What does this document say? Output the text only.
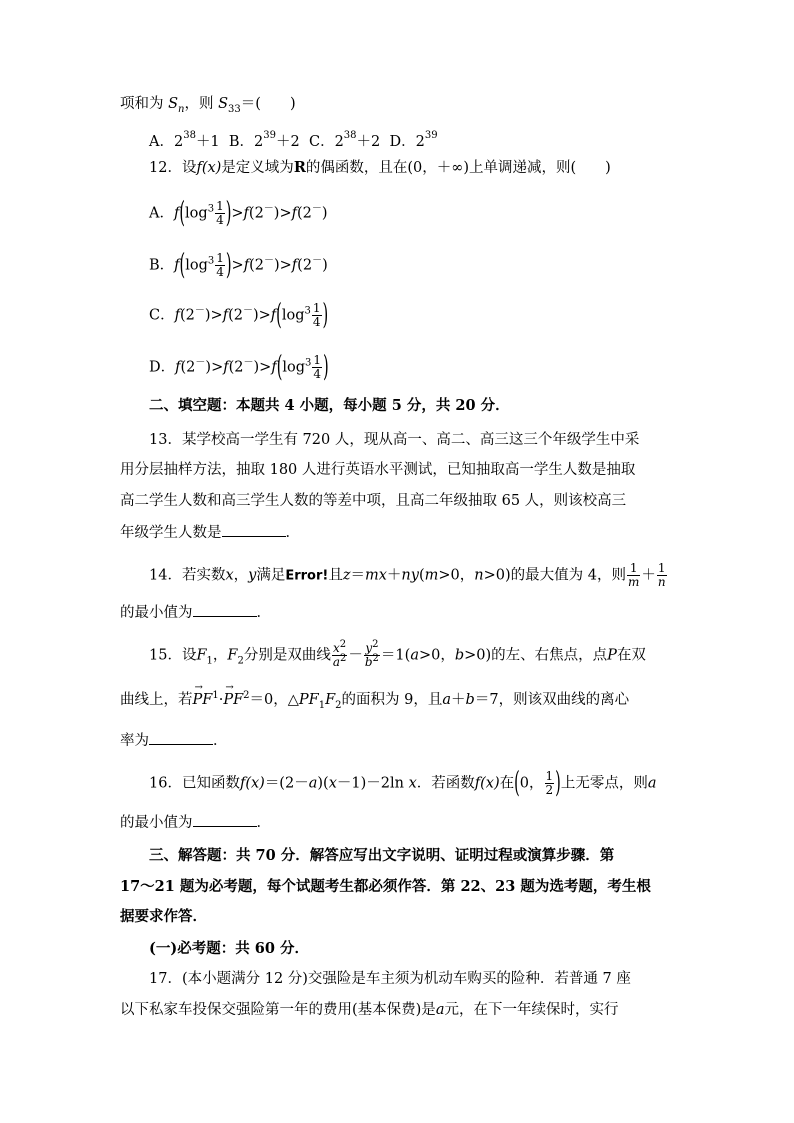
项和为 $S_n$，则 $S_{33}=$(　　)
A．$2^{38}+1$ B．$2^{39}+2$ C．$2^{38}+2$ D．$2^{39}$
12．设f(x)是定义域为R的偶函数，且在(0，＋∞)上单调递减，则(　　)
A．$f(\log^3 \frac{1}{4} )>f(2^-)>f(2^-)$
B．$f(\log^3 \frac{1}{4} )>f(2^-)>f(2^-)$
C．$f(2^-)>f(2^-)>f(\log^3 \frac{1}{4}$ )
D．$f(2^-)>f(2^-)>f(\log^3 \frac{1}{4}$ )
二、填空题：本题共 4 小题，每小题 5 分，共 20 分．
13．某学校高一学生有 720 人，现从高一、高二、高三这三个年级学生中采
用分层抽样方法，抽取 180 人进行英语水平测试，已知抽取高一学生人数是抽取
高二学生人数和高三学生人数的等差中项，且高二年级抽取 65 人，则该校高三
年级学生人数是	．
14．若实数x，y满足Error!且z＝mx＋ny(m>0，n>0)的最大值为 4，则 $\frac{1}{m} + \frac{1}{n}$
的最小值为	．
15．设$F_1$，$F_2$分别是双曲线 $\frac{x^2}{a^2} - \frac{y^2}{b^2} =1(a>0$，b>0)的左、右焦点，点P在双
曲线上，若→ $PF^1\cdot\to PF^2=0$，$\triangle PF_1F_2$的面积为 9，且a＋b＝7，则该双曲线的离心
率为	．
16．已知函数f(x)＝(2－a)(x－1)－2ln x．若函数f(x)在(0， $\frac{1}{2}$ )上无零点，则a
的最小值为	．
三、解答题：共 70 分．解答应写出文字说明、证明过程或演算步骤．第
17～21 题为必考题，每个试题考生都必须作答．第 22、23 题为选考题，考生根
据要求作答．
(一)必考题：共 60 分．
17．(本小题满分 12 分)交强险是车主须为机动车购买的险种．若普通 7 座
以下私家车投保交强险第一年的费用(基本保费)是a元，在下一年续保时，实行
